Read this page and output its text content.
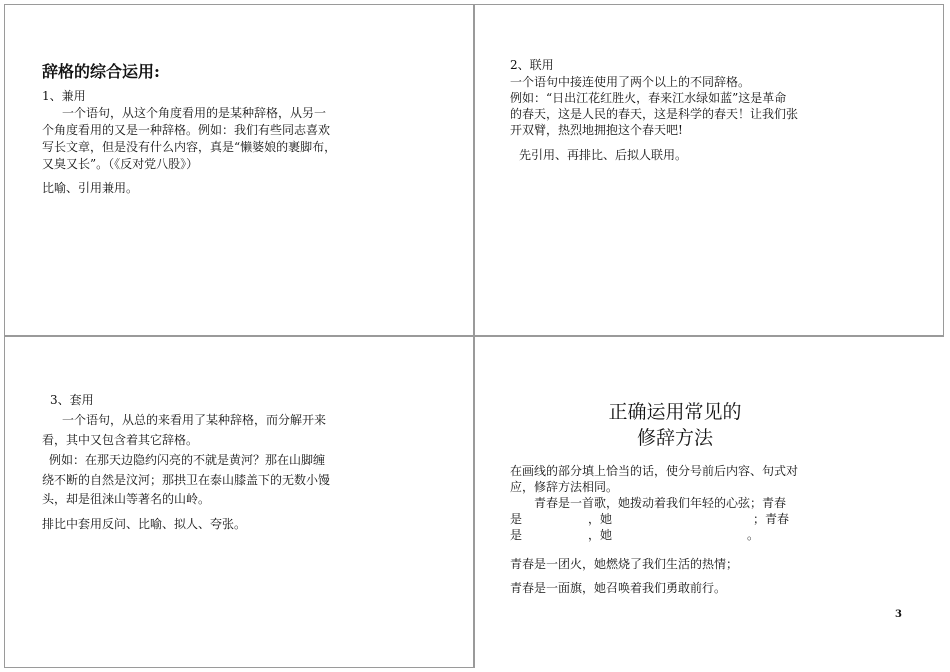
辞格的综合运用:
1、兼用
一个语句，从这个角度看用的是某种辞格，从另一
个角度看用的又是一种辞格。例如：我们有些同志喜欢
写长文章，但是没有什么内容，真是“懒婆娘的裹脚布，
又臭又长”。（《反对党八股》）
比喻、引用兼用。
2、联用
一个语句中接连使用了两个以上的不同辞格。
例如：“日出江花红胜火，春来江水绿如蓝”这是革命
的春天，这是人民的春天，这是科学的春天！让我们张
开双臂，热烈地拥抱这个春天吧!
先引用、再排比、后拟人联用。
3、套用
一个语句，从总的来看用了某种辞格，而分解开来
看，其中又包含着其它辞格。
例如：在那天边隐约闪亮的不就是黄河？那在山脚缠
绕不断的自然是汶河；那拱卫在泰山膝盖下的无数小馒
头，却是徂涞山等著名的山岭。
排比中套用反问、比喻、拟人、夸张。
正确运用常见的
修辞方法
在画线的部分填上恰当的话，使分号前后内容、句式对
应，修辞方法相同。
青春是一首歌，她拨动着我们年轻的心弦；青春
是	，她	；青春
是	，她	。
青春是一团火，她燃烧了我们生活的热情；
青春是一面旗，她召唤着我们勇敢前行。
3
